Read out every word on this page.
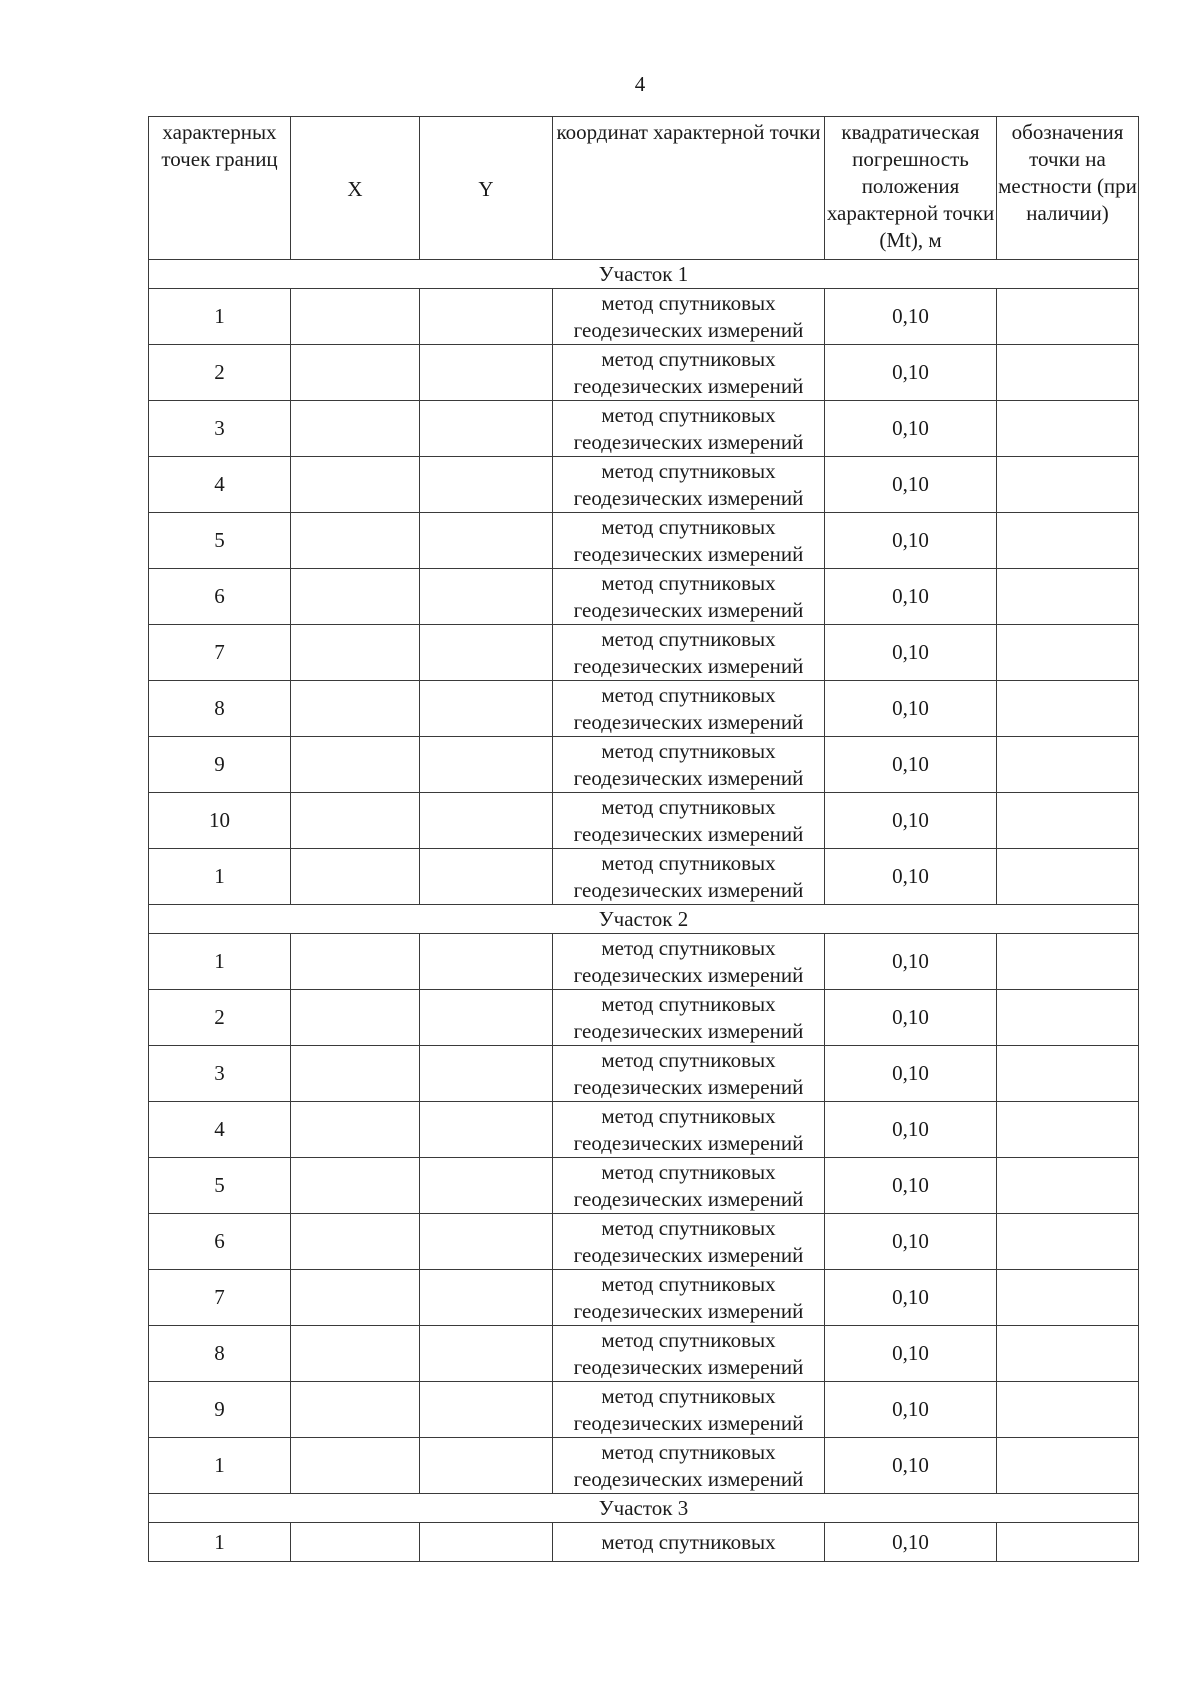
4
характерных точек границ	X	Y	координат характерной точки	квадратическая погрешность положения характерной точки (Mt), м	обозначения точки на местности (при наличии)
Участок 1					
1			метод спутниковых
геодезических измерений	0,10	
2			метод спутниковых
геодезических измерений	0,10	
3			метод спутниковых
геодезических измерений	0,10	
4			метод спутниковых
геодезических измерений	0,10	
5			метод спутниковых
геодезических измерений	0,10	
6			метод спутниковых
геодезических измерений	0,10	
7			метод спутниковых
геодезических измерений	0,10	
8			метод спутниковых
геодезических измерений	0,10	
9			метод спутниковых
геодезических измерений	0,10	
10			метод спутниковых
геодезических измерений	0,10	
1			метод спутниковых
геодезических измерений	0,10	
Участок 2					
1			метод спутниковых
геодезических измерений	0,10	
2			метод спутниковых
геодезических измерений	0,10	
3			метод спутниковых
геодезических измерений	0,10	
4			метод спутниковых
геодезических измерений	0,10	
5			метод спутниковых
геодезических измерений	0,10	
6			метод спутниковых
геодезических измерений	0,10	
7			метод спутниковых
геодезических измерений	0,10	
8			метод спутниковых
геодезических измерений	0,10	
9			метод спутниковых
геодезических измерений	0,10	
1			метод спутниковых
геодезических измерений	0,10	
Участок 3					
1			метод спутниковых	0,10	
